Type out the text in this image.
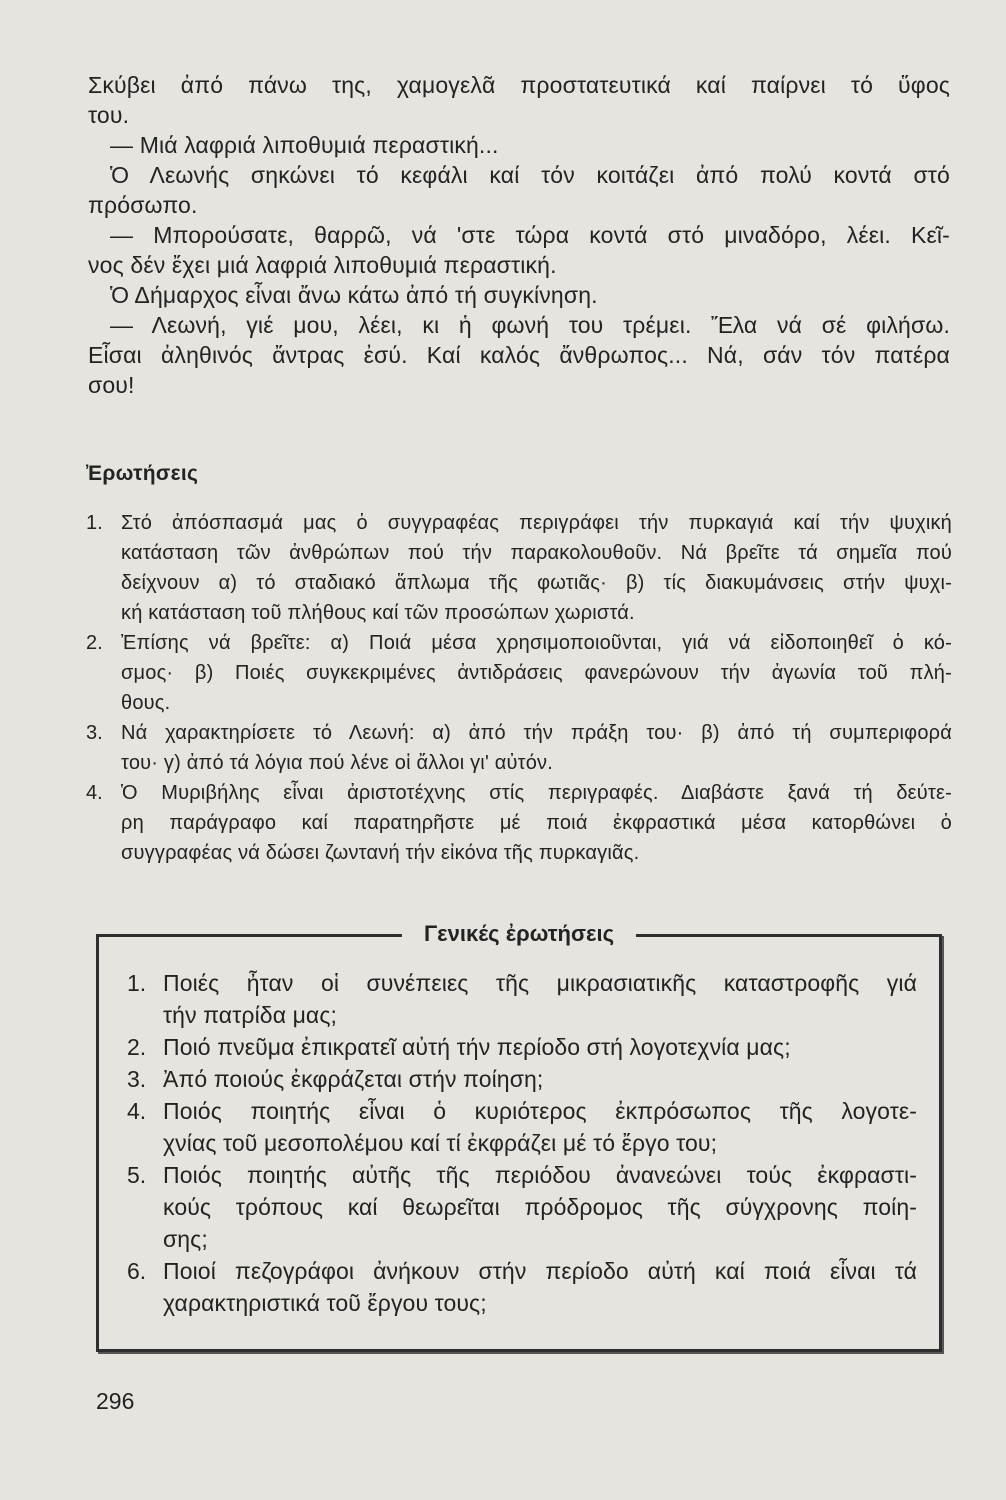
Σκύβει ἀπό πάνω της, χαμογελᾶ προστατευτικά καί παίρνει τό ὕφος
του.
— Μιά λαφριά λιποθυμιά περαστική...
Ὁ Λεωνής σηκώνει τό κεφάλι καί τόν κοιτάζει ἀπό πολύ κοντά στό
πρόσωπο.
— Μπορούσατε, θαρρῶ, νά 'στε τώρα κοντά στό μιναδόρο, λέει. Κεῖ-
νος δέν ἔχει μιά λαφριά λιποθυμιά περαστική.
Ὁ Δήμαρχος εἶναι ἄνω κάτω ἀπό τή συγκίνηση.
— Λεωνή, γιέ μου, λέει, κι ἡ φωνή του τρέμει. Ἔλα νά σέ φιλήσω.
Εἶσαι ἀληθινός ἄντρας ἐσύ. Καί καλός ἄνθρωπος... Νά, σάν τόν πατέρα
σου!
Ἐρωτήσεις
1. Στό ἀπόσπασμά μας ὁ συγγραφέας περιγράφει τήν πυρκαγιά καί τήν ψυχική
κατάσταση τῶν ἀνθρώπων πού τήν παρακολουθοῦν. Νά βρεῖτε τά σημεῖα πού
δείχνουν α) τό σταδιακό ἅπλωμα τῆς φωτιᾶς· β) τίς διακυμάνσεις στήν ψυχι-
κή κατάσταση τοῦ πλήθους καί τῶν προσώπων χωριστά.
2. Ἐπίσης νά βρεῖτε: α) Ποιά μέσα χρησιμοποιοῦνται, γιά νά εἰδοποιηθεῖ ὁ κό-
σμος· β) Ποιές συγκεκριμένες ἀντιδράσεις φανερώνουν τήν ἀγωνία τοῦ πλή-
θους.
3. Νά χαρακτηρίσετε τό Λεωνή: α) ἀπό τήν πράξη του· β) ἀπό τή συμπεριφορά
του· γ) ἀπό τά λόγια πού λένε οἱ ἄλλοι γι' αὐτόν.
4. Ὁ Μυριβήλης εἶναι ἀριστοτέχνης στίς περιγραφές. Διαβάστε ξανά τή δεύτε-
ρη παράγραφο καί παρατηρῆστε μέ ποιά ἐκφραστικά μέσα κατορθώνει ὁ
συγγραφέας νά δώσει ζωντανή τήν εἰκόνα τῆς πυρκαγιᾶς.
Γενικές ἐρωτήσεις
1. Ποιές ἦταν οἱ συνέπειες τῆς μικρασιατικῆς καταστροφῆς γιά
τήν πατρίδα μας;
2. Ποιό πνεῦμα ἐπικρατεῖ αὐτή τήν περίοδο στή λογοτεχνία μας;
3. Ἀπό ποιούς ἐκφράζεται στήν ποίηση;
4. Ποιός ποιητής εἶναι ὁ κυριότερος ἐκπρόσωπος τῆς λογοτε-
χνίας τοῦ μεσοπολέμου καί τί ἐκφράζει μέ τό ἔργο του;
5. Ποιός ποιητής αὐτῆς τῆς περιόδου ἀνανεώνει τούς ἐκφραστι-
κούς τρόπους καί θεωρεῖται πρόδρομος τῆς σύγχρονης ποίη-
σης;
6. Ποιοί πεζογράφοι ἀνήκουν στήν περίοδο αὐτή καί ποιά εἶναι τά
χαρακτηριστικά τοῦ ἔργου τους;
296
